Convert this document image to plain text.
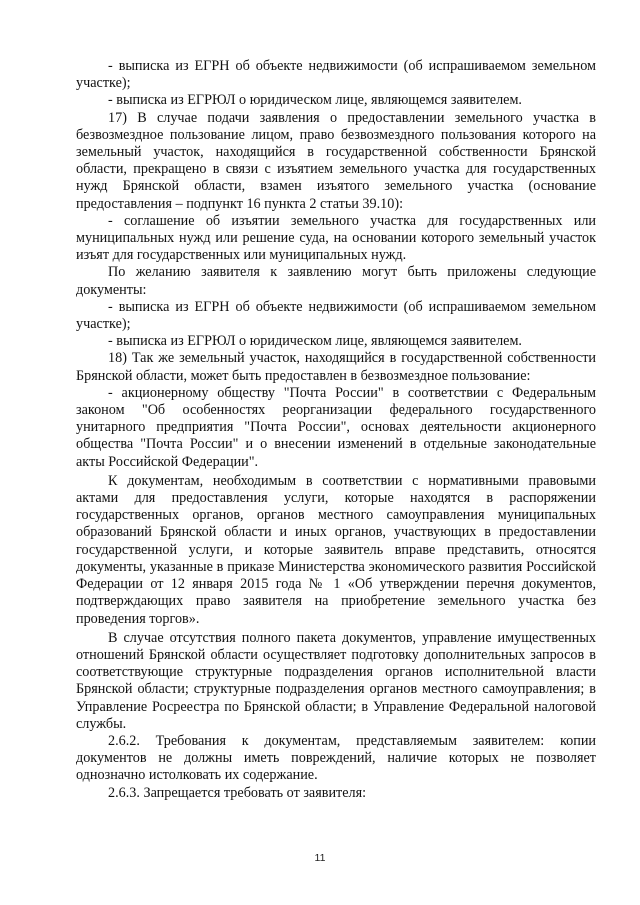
- выписка из ЕГРН об объекте недвижимости (об испрашиваемом земельном участке);

- выписка из ЕГРЮЛ о юридическом лице, являющемся заявителем.

17) В случае подачи заявления о предоставлении земельного участка в безвозмездное пользование лицом, право безвозмездного пользования которого на земельный участок, находящийся в государственной собственности Брянской области, прекращено в связи с изъятием земельного участка для государственных нужд Брянской области, взамен изъятого земельного участка (основание предоставления – подпункт 16 пункта 2 статьи 39.10):

- соглашение об изъятии земельного участка для государственных или муниципальных нужд или решение суда, на основании которого земельный участок изъят для государственных или муниципальных нужд.

По желанию заявителя к заявлению могут быть приложены следующие документы:

- выписка из ЕГРН об объекте недвижимости (об испрашиваемом земельном участке);

- выписка из ЕГРЮЛ о юридическом лице, являющемся заявителем.

18) Так же земельный участок, находящийся в государственной собственности Брянской области, может быть предоставлен в безвозмездное пользование:

- акционерному обществу "Почта России" в соответствии с Федеральным законом "Об особенностях реорганизации федерального государственного унитарного предприятия "Почта России", основах деятельности акционерного общества "Почта России" и о внесении изменений в отдельные законодательные акты Российской Федерации".

К документам, необходимым в соответствии с нормативными правовыми актами для предоставления услуги, которые находятся в распоряжении государственных органов, органов местного самоуправления муниципальных образований Брянской области и иных органов, участвующих в предоставлении государственной услуги, и которые заявитель вправе представить, относятся документы, указанные в приказе Министерства экономического развития Российской Федерации от 12 января 2015 года № 1 «Об утверждении перечня документов, подтверждающих право заявителя на приобретение земельного участка без проведения торгов».

В случае отсутствия полного пакета документов, управление имущественных отношений Брянской области осуществляет подготовку дополнительных запросов в соответствующие структурные подразделения органов исполнительной власти Брянской области; структурные подразделения органов местного самоуправления; в Управление Росреестра по Брянской области; в Управление Федеральной налоговой службы.

2.6.2. Требования к документам, представляемым заявителем: копии документов не должны иметь повреждений, наличие которых не позволяет однозначно истолковать их содержание.

2.6.3. Запрещается требовать от заявителя:

11
